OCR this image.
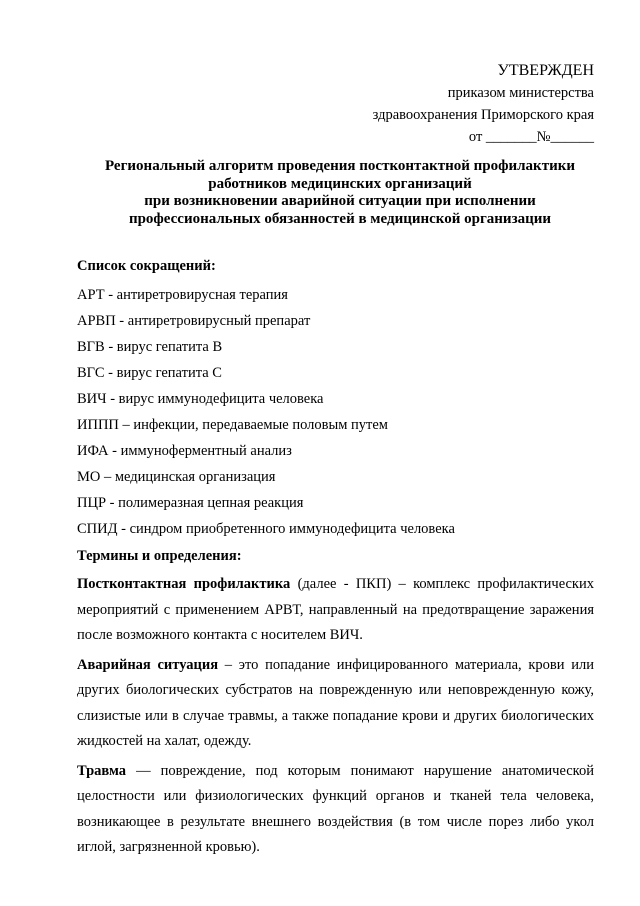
УТВЕРЖДЕН
приказом министерства
здравоохранения Приморского края
от _______№______
Региональный алгоритм проведения постконтактной профилактики
работников медицинских организаций
при возникновении аварийной ситуации при исполнении
профессиональных обязанностей в медицинской организации

Список сокращений:

АРТ - антиретровирусная терапия

АРВП - антиретровирусный препарат

ВГВ - вирус гепатита В

ВГС - вирус гепатита С

ВИЧ - вирус иммунодефицита человека

ИППП – инфекции, передаваемые половым путем

ИФА - иммуноферментный анализ

МО – медицинская организация

ПЦР - полимеразная цепная реакция

СПИД - синдром приобретенного иммунодефицита человека

Термины и определения:

Постконтактная профилактика (далее - ПКП) – комплекс профилактических мероприятий с применением АРВТ, направленный на предотвращение заражения после возможного контакта с носителем ВИЧ.

Аварийная ситуация – это попадание инфицированного материала, крови или других биологических субстратов на поврежденную или неповрежденную кожу, слизистые или в случае травмы, а также попадание крови и других биологических жидкостей на халат, одежду.

Травма — повреждение, под которым понимают нарушение анатомической целостности или физиологических функций органов и тканей тела человека, возникающее в результате внешнего воздействия (в том числе порез либо укол иглой, загрязненной кровью).
